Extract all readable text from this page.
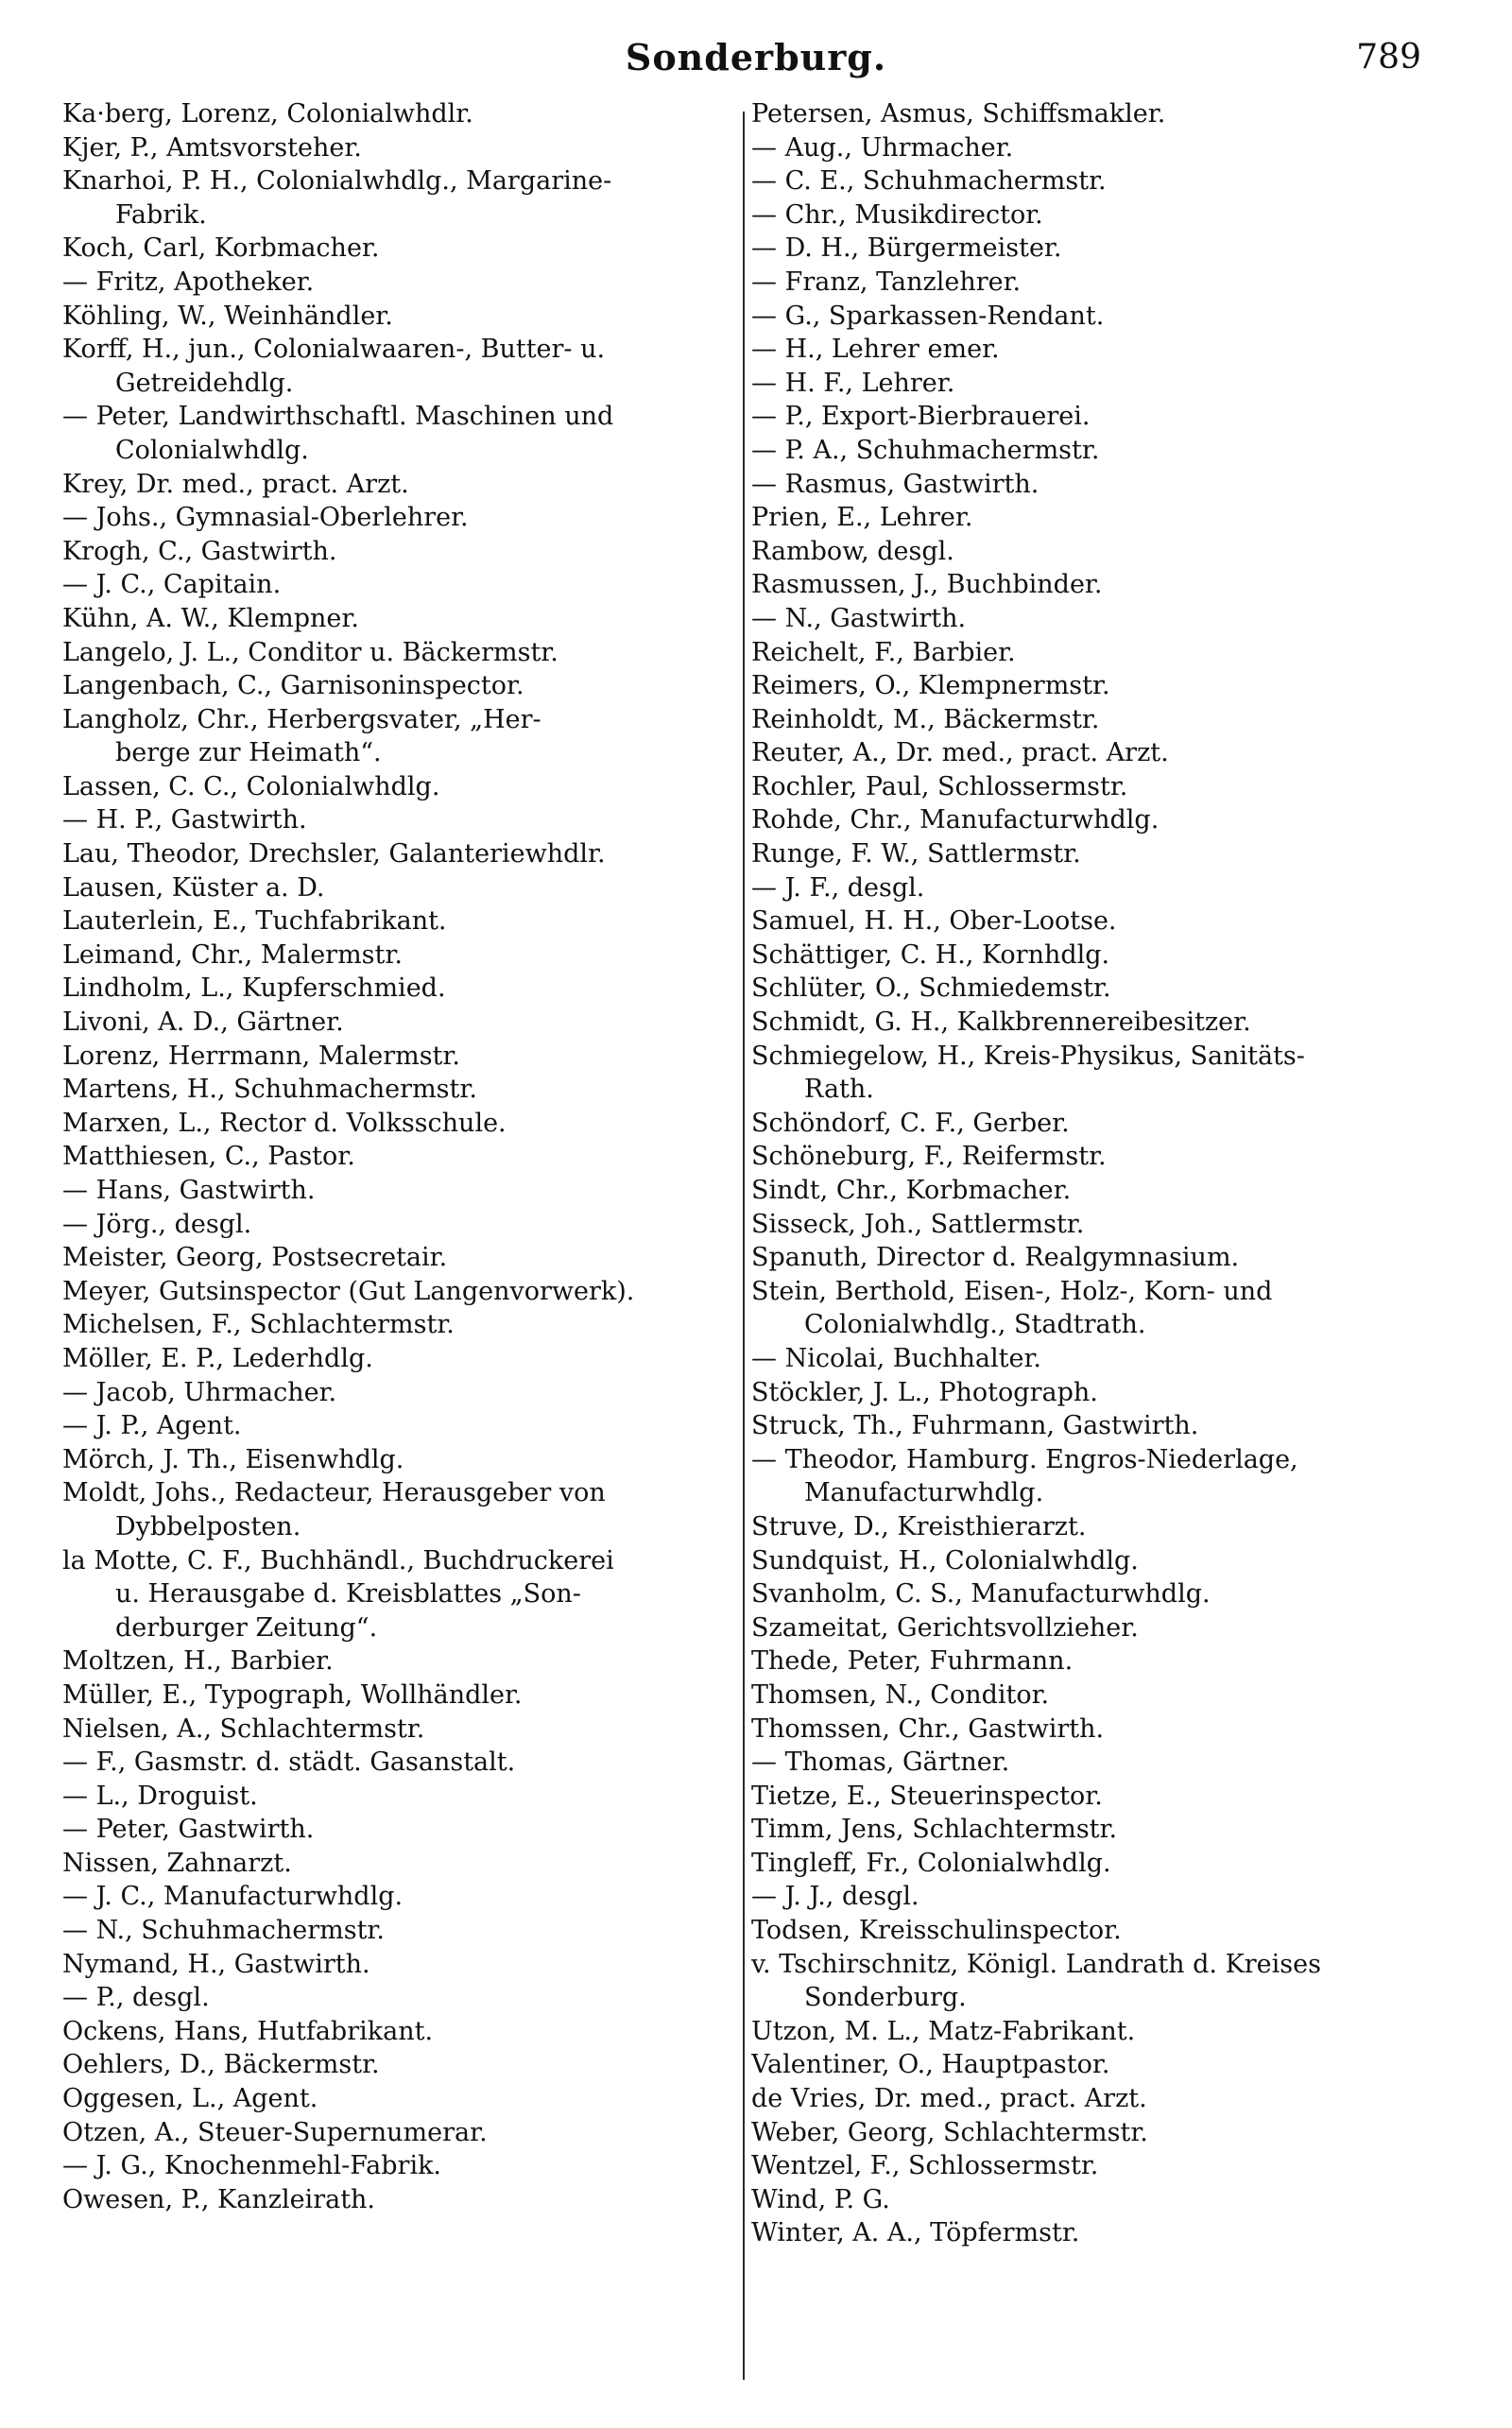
Sonderburg.	789
Ka·berg, Lorenz, Colonialwhdlr.
Kjer, P., Amtsvorsteher.
Knarhoi, P. H., Colonialwhdlg., Margarine-
Fabrik.
Koch, Carl, Korbmacher.
— Fritz, Apotheker.
Köhling, W., Weinhändler.
Korff, H., jun., Colonialwaaren-, Butter- u.
Getreidehdlg.
— Peter, Landwirthschaftl. Maschinen und
Colonialwhdlg.
Krey, Dr. med., pract. Arzt.
— Johs., Gymnasial-Oberlehrer.
Krogh, C., Gastwirth.
— J. C., Capitain.
Kühn, A. W., Klempner.
Langelo, J. L., Conditor u. Bäckermstr.
Langenbach, C., Garnisoninspector.
Langholz, Chr., Herbergsvater, „Her-
berge zur Heimath“.
Lassen, C. C., Colonialwhdlg.
— H. P., Gastwirth.
Lau, Theodor, Drechsler, Galanteriewhdlr.
Lausen, Küster a. D.
Lauterlein, E., Tuchfabrikant.
Leimand, Chr., Malermstr.
Lindholm, L., Kupferschmied.
Livoni, A. D., Gärtner.
Lorenz, Herrmann, Malermstr.
Martens, H., Schuhmachermstr.
Marxen, L., Rector d. Volksschule.
Matthiesen, C., Pastor.
— Hans, Gastwirth.
— Jörg., desgl.
Meister, Georg, Postsecretair.
Meyer, Gutsinspector (Gut Langenvorwerk).
Michelsen, F., Schlachtermstr.
Möller, E. P., Lederhdlg.
— Jacob, Uhrmacher.
— J. P., Agent.
Mörch, J. Th., Eisenwhdlg.
Moldt, Johs., Redacteur, Herausgeber von
Dybbelposten.
la Motte, C. F., Buchhändl., Buchdruckerei
u. Herausgabe d. Kreisblattes „Son-
derburger Zeitung“.
Moltzen, H., Barbier.
Müller, E., Typograph, Wollhändler.
Nielsen, A., Schlachtermstr.
— F., Gasmstr. d. städt. Gasanstalt.
— L., Droguist.
— Peter, Gastwirth.
Nissen, Zahnarzt.
— J. C., Manufacturwhdlg.
— N., Schuhmachermstr.
Nymand, H., Gastwirth.
— P., desgl.
Ockens, Hans, Hutfabrikant.
Oehlers, D., Bäckermstr.
Oggesen, L., Agent.
Otzen, A., Steuer-Supernumerar.
— J. G., Knochenmehl-Fabrik.
Owesen, P., Kanzleirath.
Petersen, Asmus, Schiffsmakler.
— Aug., Uhrmacher.
— C. E., Schuhmachermstr.
— Chr., Musikdirector.
— D. H., Bürgermeister.
— Franz, Tanzlehrer.
— G., Sparkassen-Rendant.
— H., Lehrer emer.
— H. F., Lehrer.
— P., Export-Bierbrauerei.
— P. A., Schuhmachermstr.
— Rasmus, Gastwirth.
Prien, E., Lehrer.
Rambow, desgl.
Rasmussen, J., Buchbinder.
— N., Gastwirth.
Reichelt, F., Barbier.
Reimers, O., Klempnermstr.
Reinholdt, M., Bäckermstr.
Reuter, A., Dr. med., pract. Arzt.
Rochler, Paul, Schlossermstr.
Rohde, Chr., Manufacturwhdlg.
Runge, F. W., Sattlermstr.
— J. F., desgl.
Samuel, H. H., Ober-Lootse.
Schättiger, C. H., Kornhdlg.
Schlüter, O., Schmiedemstr.
Schmidt, G. H., Kalkbrennereibesitzer.
Schmiegelow, H., Kreis-Physikus, Sanitäts-
Rath.
Schöndorf, C. F., Gerber.
Schöneburg, F., Reifermstr.
Sindt, Chr., Korbmacher.
Sisseck, Joh., Sattlermstr.
Spanuth, Director d. Realgymnasium.
Stein, Berthold, Eisen-, Holz-, Korn- und
Colonialwhdlg., Stadtrath.
— Nicolai, Buchhalter.
Stöckler, J. L., Photograph.
Struck, Th., Fuhrmann, Gastwirth.
— Theodor, Hamburg. Engros-Niederlage,
Manufacturwhdlg.
Struve, D., Kreisthierarzt.
Sundquist, H., Colonialwhdlg.
Svanholm, C. S., Manufacturwhdlg.
Szameitat, Gerichtsvollzieher.
Thede, Peter, Fuhrmann.
Thomsen, N., Conditor.
Thomssen, Chr., Gastwirth.
— Thomas, Gärtner.
Tietze, E., Steuerinspector.
Timm, Jens, Schlachtermstr.
Tingleff, Fr., Colonialwhdlg.
— J. J., desgl.
Todsen, Kreisschulinspector.
v. Tschirschnitz, Königl. Landrath d. Kreises
Sonderburg.
Utzon, M. L., Matz-Fabrikant.
Valentiner, O., Hauptpastor.
de Vries, Dr. med., pract. Arzt.
Weber, Georg, Schlachtermstr.
Wentzel, F., Schlossermstr.
Wind, P. G.
Winter, A. A., Töpfermstr.
